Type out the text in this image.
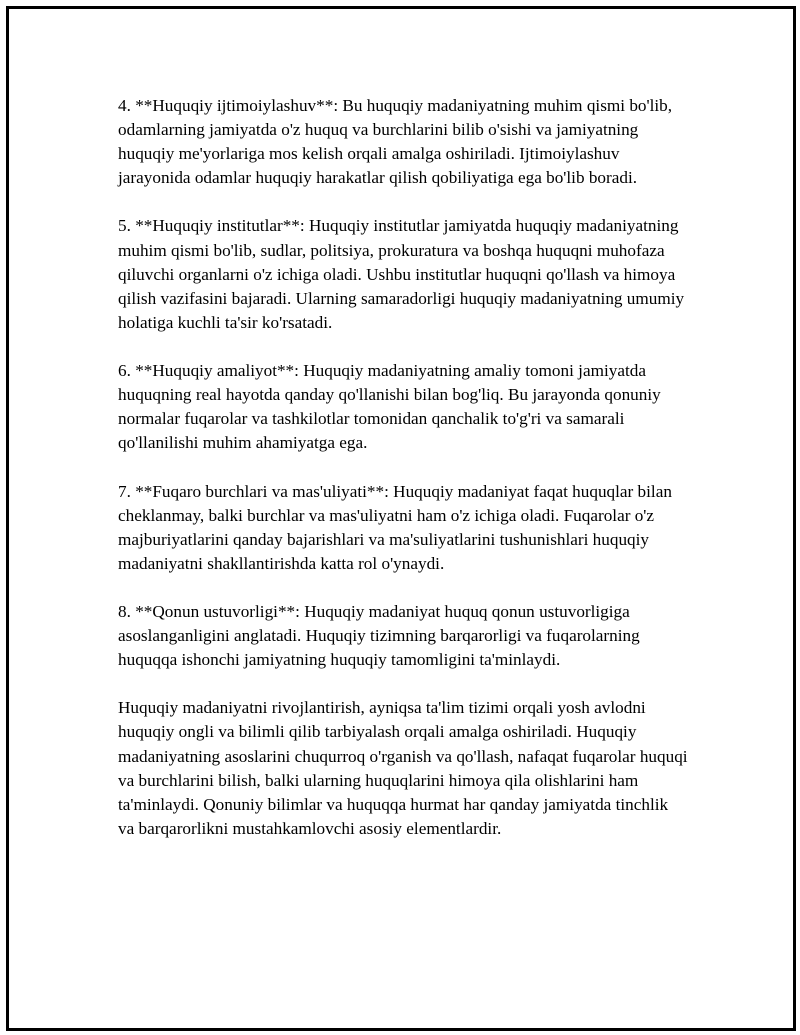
4. **Huquqiy ijtimoiylashuv**: Bu huquqiy madaniyatning muhim qismi bo'lib, odamlarning jamiyatda o'z huquq va burchlarini bilib o'sishi va jamiyatning huquqiy me'yorlariga mos kelish orqali amalga oshiriladi. Ijtimoiylashuv jarayonida odamlar huquqiy harakatlar qilish qobiliyatiga ega bo'lib boradi.

5. **Huquqiy institutlar**: Huquqiy institutlar jamiyatda huquqiy madaniyatning muhim qismi bo'lib, sudlar, politsiya, prokuratura va boshqa huquqni muhofaza qiluvchi organlarni o'z ichiga oladi. Ushbu institutlar huquqni qo'llash va himoya qilish vazifasini bajaradi. Ularning samaradorligi huquqiy madaniyatning umumiy holatiga kuchli ta'sir ko'rsatadi.

6. **Huquqiy amaliyot**: Huquqiy madaniyatning amaliy tomoni jamiyatda huquqning real hayotda qanday qo'llanishi bilan bog'liq. Bu jarayonda qonuniy normalar fuqarolar va tashkilotlar tomonidan qanchalik to'g'ri va samarali qo'llanilishi muhim ahamiyatga ega.

7. **Fuqaro burchlari va mas'uliyati**: Huquqiy madaniyat faqat huquqlar bilan cheklanmay, balki burchlar va mas'uliyatni ham o'z ichiga oladi. Fuqarolar o'z majburiyatlarini qanday bajarishlari va ma'suliyatlarini tushunishlari huquqiy madaniyatni shakllantirishda katta rol o'ynaydi.

8. **Qonun ustuvorligi**: Huquqiy madaniyat huquq qonun ustuvorligiga asoslanganligini anglatadi. Huquqiy tizimning barqarorligi va fuqarolarning huquqqa ishonchi jamiyatning huquqiy tamomligini ta'minlaydi.

Huquqiy madaniyatni rivojlantirish, ayniqsa ta'lim tizimi orqali yosh avlodni huquqiy ongli va bilimli qilib tarbiyalash orqali amalga oshiriladi. Huquqiy madaniyatning asoslarini chuqurroq o'rganish va qo'llash, nafaqat fuqarolar huquqi va burchlarini bilish, balki ularning huquqlarini himoya qila olishlarini ham ta'minlaydi. Qonuniy bilimlar va huquqqa hurmat har qanday jamiyatda tinchlik va barqarorlikni mustahkamlovchi asosiy elementlardir.
